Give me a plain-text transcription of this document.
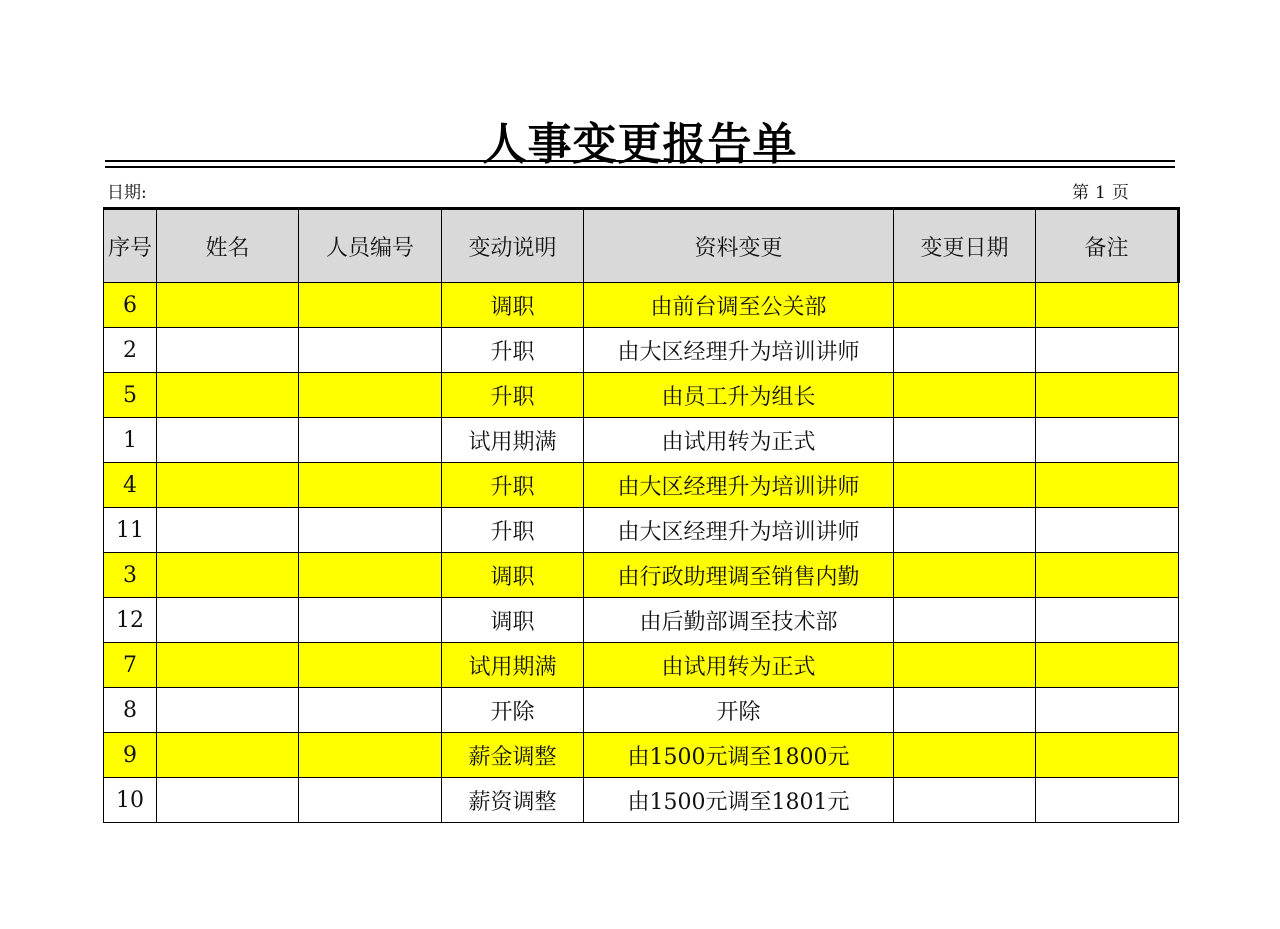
人事变更报告单
日期:	第 1 页
序号	姓名	人员编号	变动说明	资料变更	变更日期	备注
6			调职	由前台调至公关部		
2			升职	由大区经理升为培训讲师		
5			升职	由员工升为组长		
1			试用期满	由试用转为正式		
4			升职	由大区经理升为培训讲师		
11			升职	由大区经理升为培训讲师		
3			调职	由行政助理调至销售内勤		
12			调职	由后勤部调至技术部		
7			试用期满	由试用转为正式		
8			开除	开除		
9			薪金调整	由1500元调至1800元		
10			薪资调整	由1500元调至1801元		
